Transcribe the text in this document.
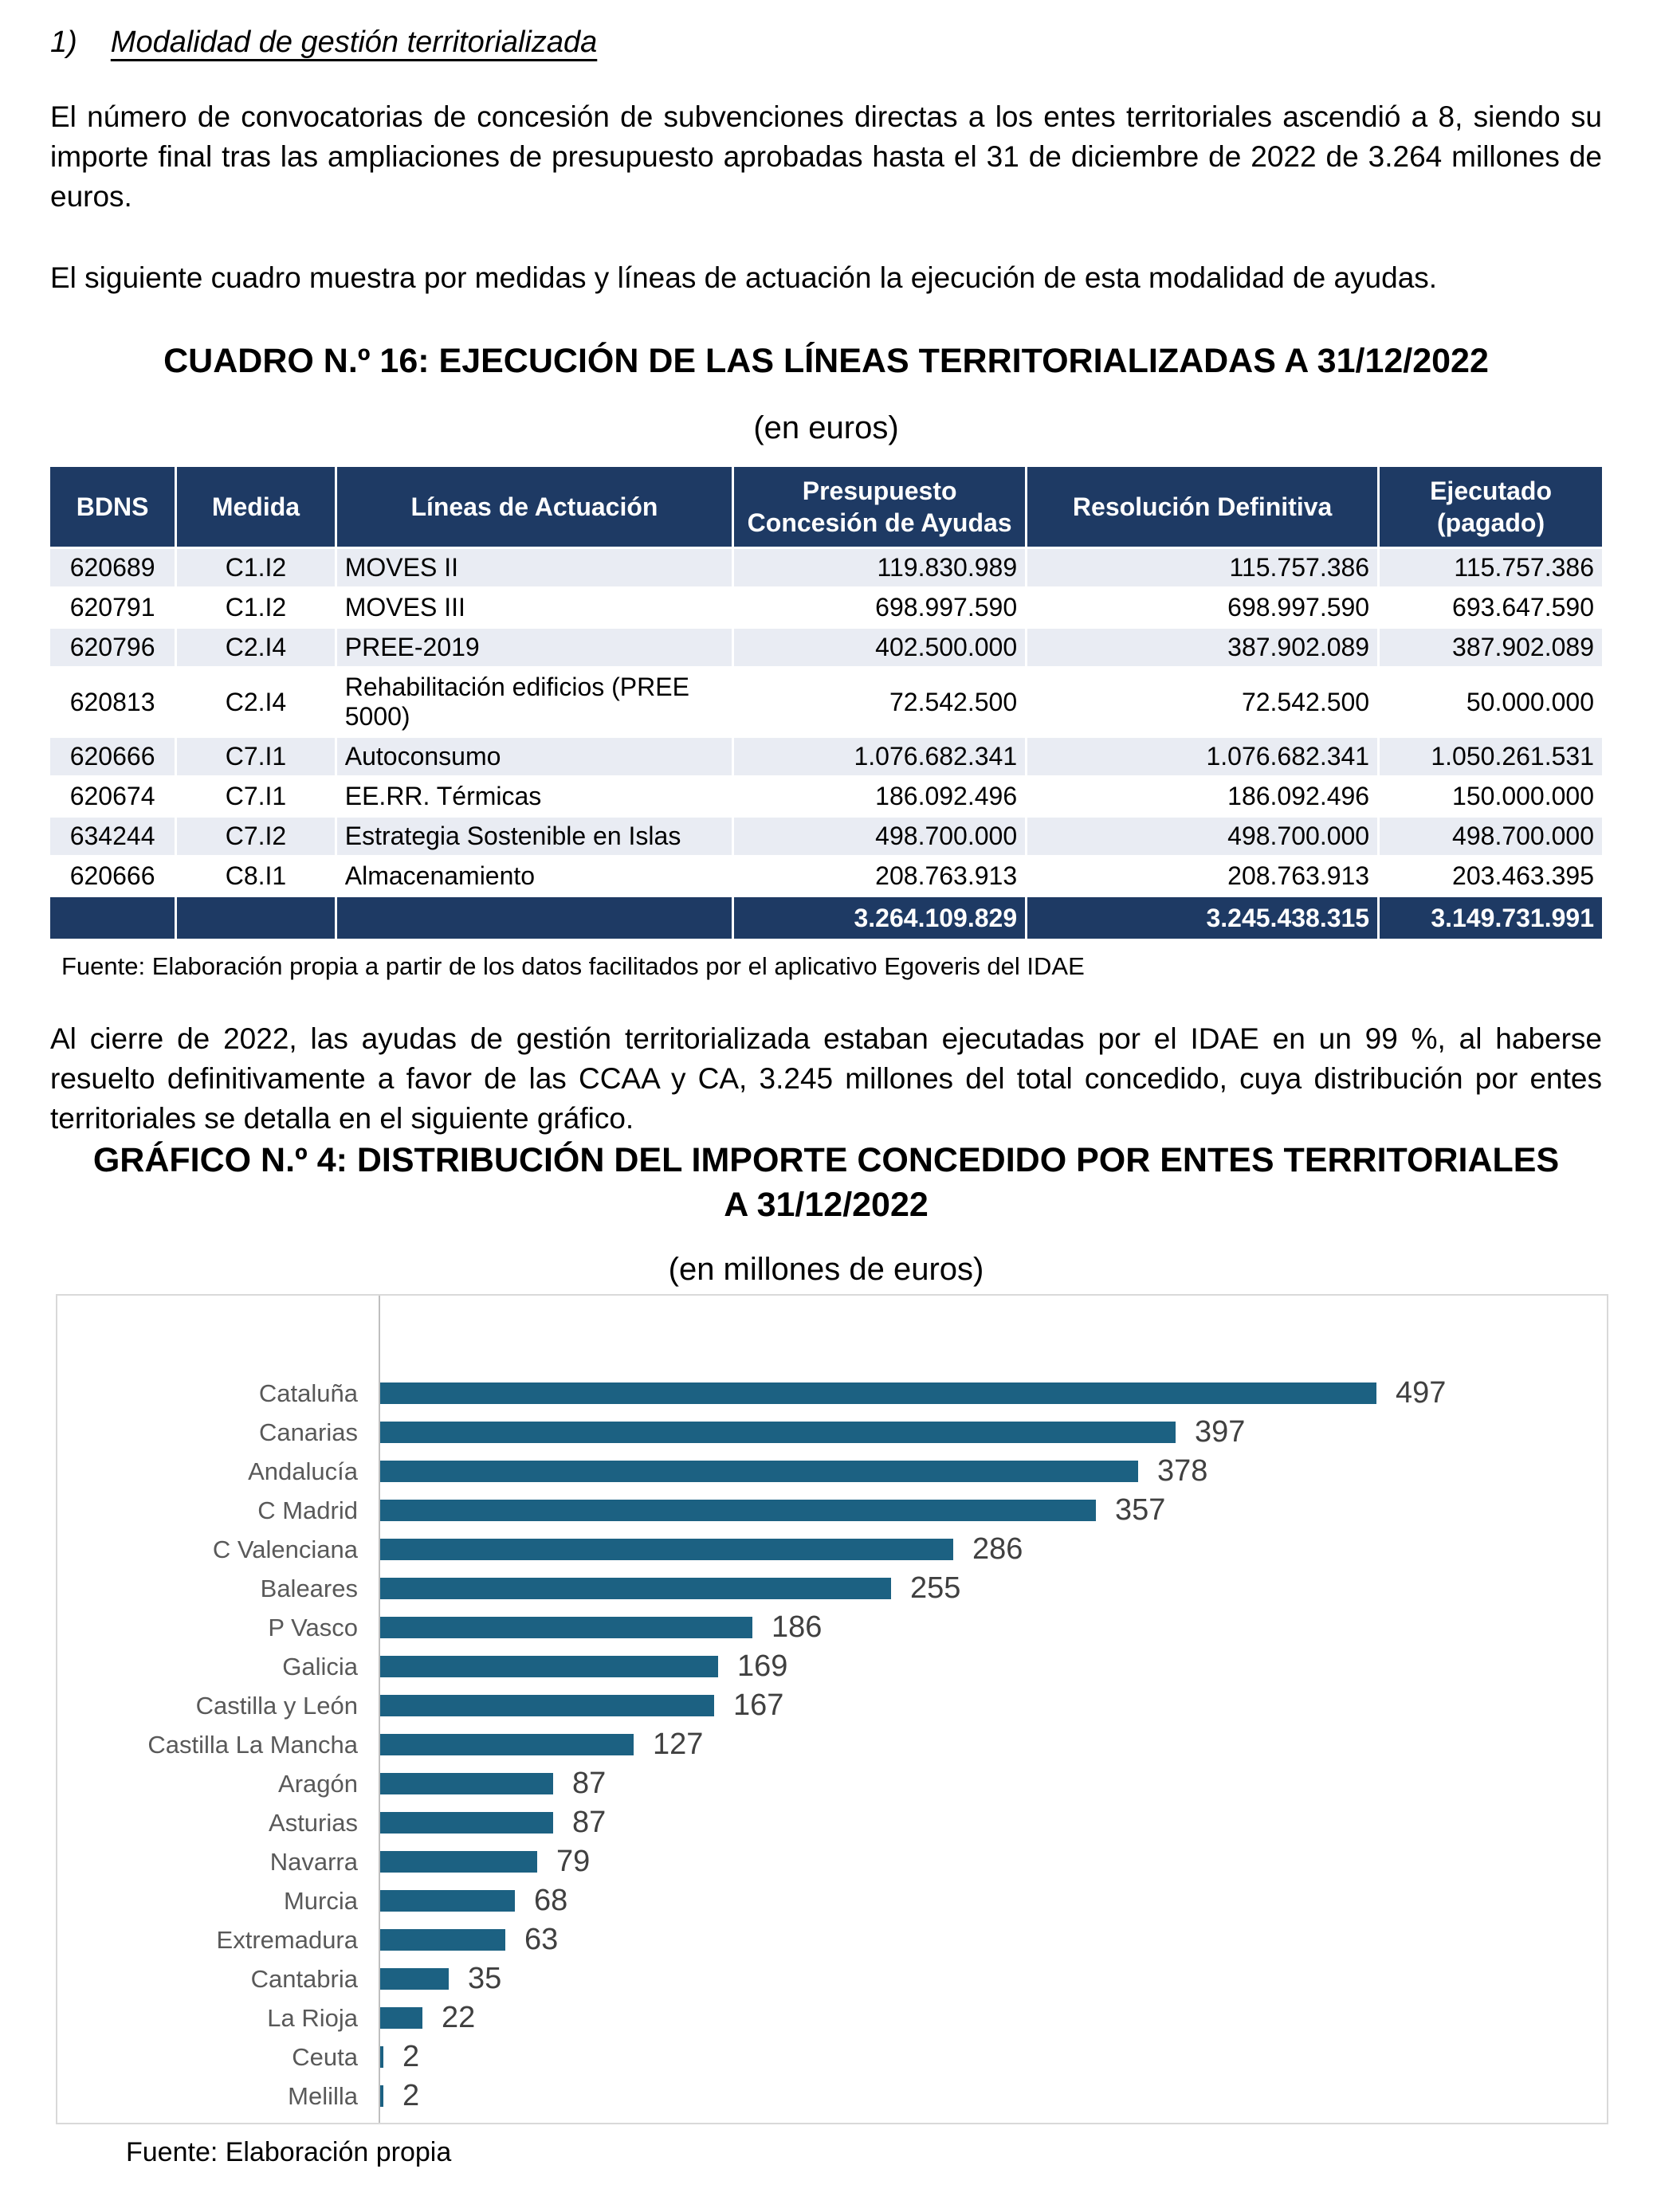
1) Modalidad de gestión territorializada

El número de convocatorias de concesión de subvenciones directas a los entes territoriales ascendió a 8, siendo su importe final tras las ampliaciones de presupuesto aprobadas hasta el 31 de diciembre de 2022 de 3.264 millones de euros.

El siguiente cuadro muestra por medidas y líneas de actuación la ejecución de esta modalidad de ayudas.

CUADRO N.º 16: EJECUCIÓN DE LAS LÍNEAS TERRITORIALIZADAS A 31/12/2022
(en euros)
BDNS	Medida	Líneas de Actuación	Presupuesto Concesión de Ayudas	Resolución Definitiva	Ejecutado (pagado)
620689	C1.I2	MOVES II	119.830.989	115.757.386	115.757.386
620791	C1.I2	MOVES III	698.997.590	698.997.590	693.647.590
620796	C2.I4	PREE-2019	402.500.000	387.902.089	387.902.089
620813	C2.I4	Rehabilitación edificios (PREE 5000)	72.542.500	72.542.500	50.000.000
620666	C7.I1	Autoconsumo	1.076.682.341	1.076.682.341	1.050.261.531
620674	C7.I1	EE.RR. Térmicas	186.092.496	186.092.496	150.000.000
634244	C7.I2	Estrategia Sostenible en Islas	498.700.000	498.700.000	498.700.000
620666	C8.I1	Almacenamiento	208.763.913	208.763.913	203.463.395
			3.264.109.829	3.245.438.315	3.149.731.991
Fuente: Elaboración propia a partir de los datos facilitados por el aplicativo Egoveris del IDAE

Al cierre de 2022, las ayudas de gestión territorializada estaban ejecutadas por el IDAE en un 99 %, al haberse resuelto definitivamente a favor de las CCAA y CA, 3.245 millones del total concedido, cuya distribución por entes territoriales se detalla en el siguiente gráfico.

GRÁFICO N.º 4: DISTRIBUCIÓN DEL IMPORTE CONCEDIDO POR ENTES TERRITORIALES
A 31/12/2022
(en millones de euros)
Cataluña	497
Canarias	397
Andalucía	378
C Madrid	357
C Valenciana	286
Baleares	255
P Vasco	186
Galicia	169
Castilla y León	167
Castilla La Mancha	127
Aragón	87
Asturias	87
Navarra	79
Murcia	68
Extremadura	63
Cantabria	35
La Rioja	22
Ceuta	2
Melilla	2
Fuente: Elaboración propia
